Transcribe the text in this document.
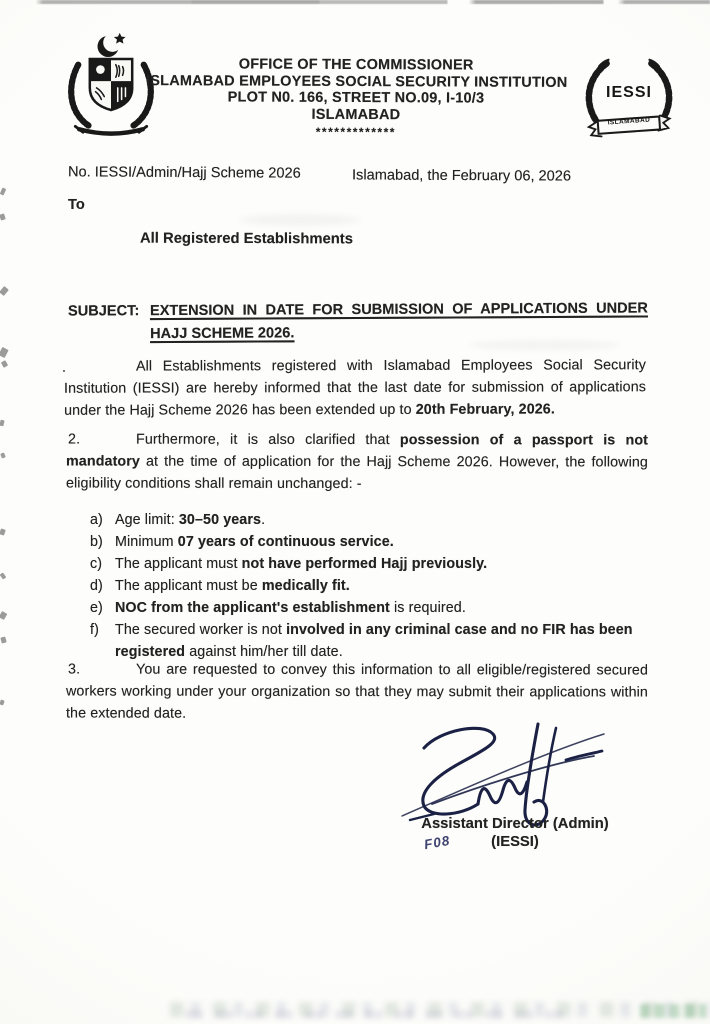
OFFICE OF THE COMMISSIONER
ISLAMABAD EMPLOYEES SOCIAL SECURITY INSTITUTION
PLOT N0. 166, STREET NO.09, I-10/3
ISLAMABAD
*************
IESSI
ISLAMABAD
No. IESSI/Admin/Hajj Scheme 2026	Islamabad, the February 06, 2026
To
All Registered Establishments
SUBJECT: EXTENSION IN DATE FOR SUBMISSION OF APPLICATIONS UNDER
HAJJ SCHEME 2026.
.	All Establishments registered with Islamabad Employees Social Security Institution (IESSI) are hereby informed that the last date for submission of applications under the Hajj Scheme 2026 has been extended up to 20th February, 2026.
2.	Furthermore, it is also clarified that possession of a passport is not mandatory at the time of application for the Hajj Scheme 2026. However, the following eligibility conditions shall remain unchanged: -
a) Age limit: 30–50 years.
b) Minimum 07 years of continuous service.
c) The applicant must not have performed Hajj previously.
d) The applicant must be medically fit.
e) NOC from the applicant's establishment is required.
f) The secured worker is not involved in any criminal case and no FIR has been registered against him/her till date.
3.	You are requested to convey this information to all eligible/registered secured workers working under your organization so that they may submit their applications within the extended date.
Assistant Director (Admin)
(IESSI)
F08
